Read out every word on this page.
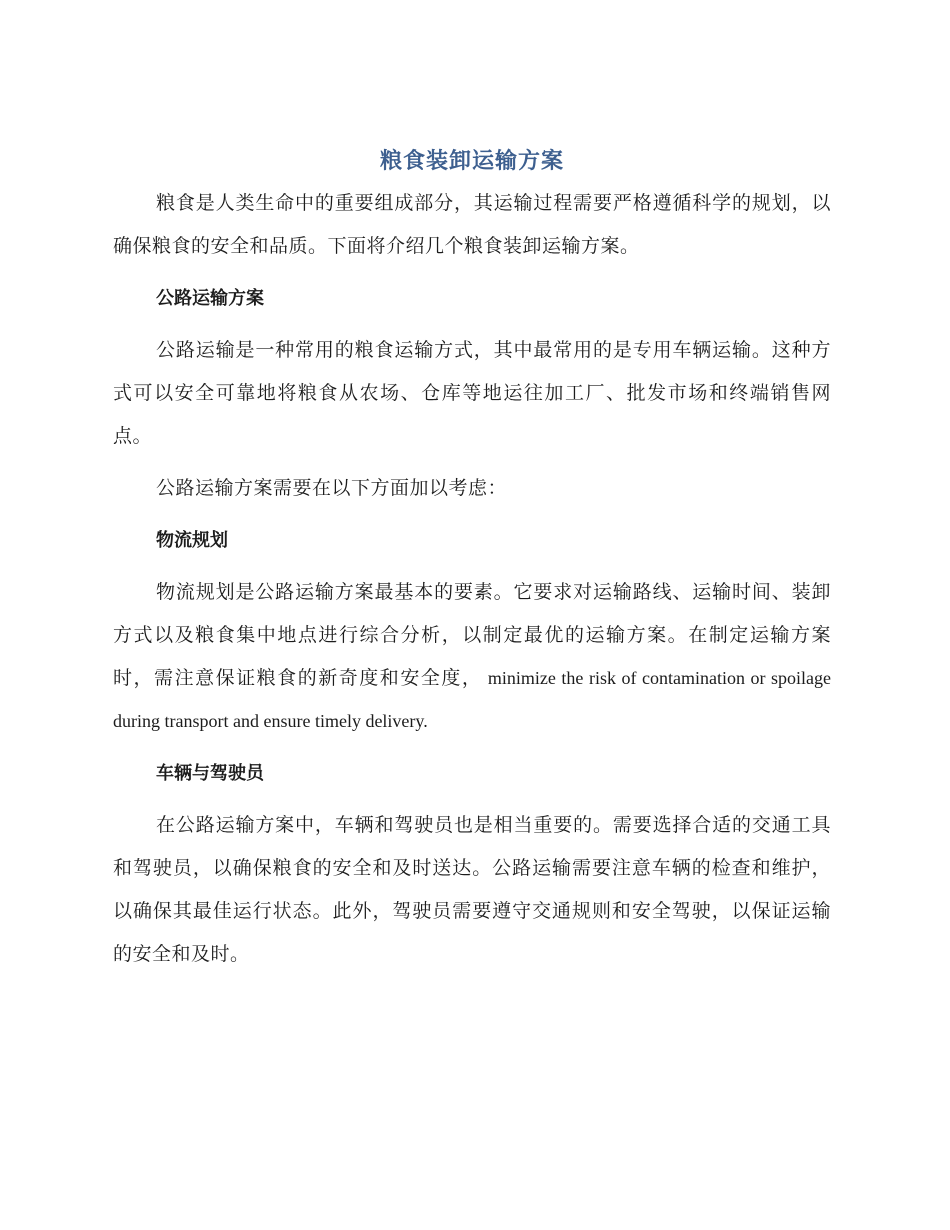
粮食装卸运输方案

粮食是人类生命中的重要组成部分，其运输过程需要严格遵循科学的规划，以确保粮食的安全和品质。下面将介绍几个粮食装卸运输方案。

公路运输方案

公路运输是一种常用的粮食运输方式，其中最常用的是专用车辆运输。这种方式可以安全可靠地将粮食从农场、仓库等地运往加工厂、批发市场和终端销售网点。

公路运输方案需要在以下方面加以考虑：

物流规划

物流规划是公路运输方案最基本的要素。它要求对运输路线、运输时间、装卸方式以及粮食集中地点进行综合分析，以制定最优的运输方案。在制定运输方案时，需注意保证粮食的新奇度和安全度， minimize the risk of contamination or spoilage during transport and ensure timely delivery.

车辆与驾驶员

在公路运输方案中，车辆和驾驶员也是相当重要的。需要选择合适的交通工具和驾驶员，以确保粮食的安全和及时送达。公路运输需要注意车辆的检查和维护，以确保其最佳运行状态。此外，驾驶员需要遵守交通规则和安全驾驶，以保证运输的安全和及时。
